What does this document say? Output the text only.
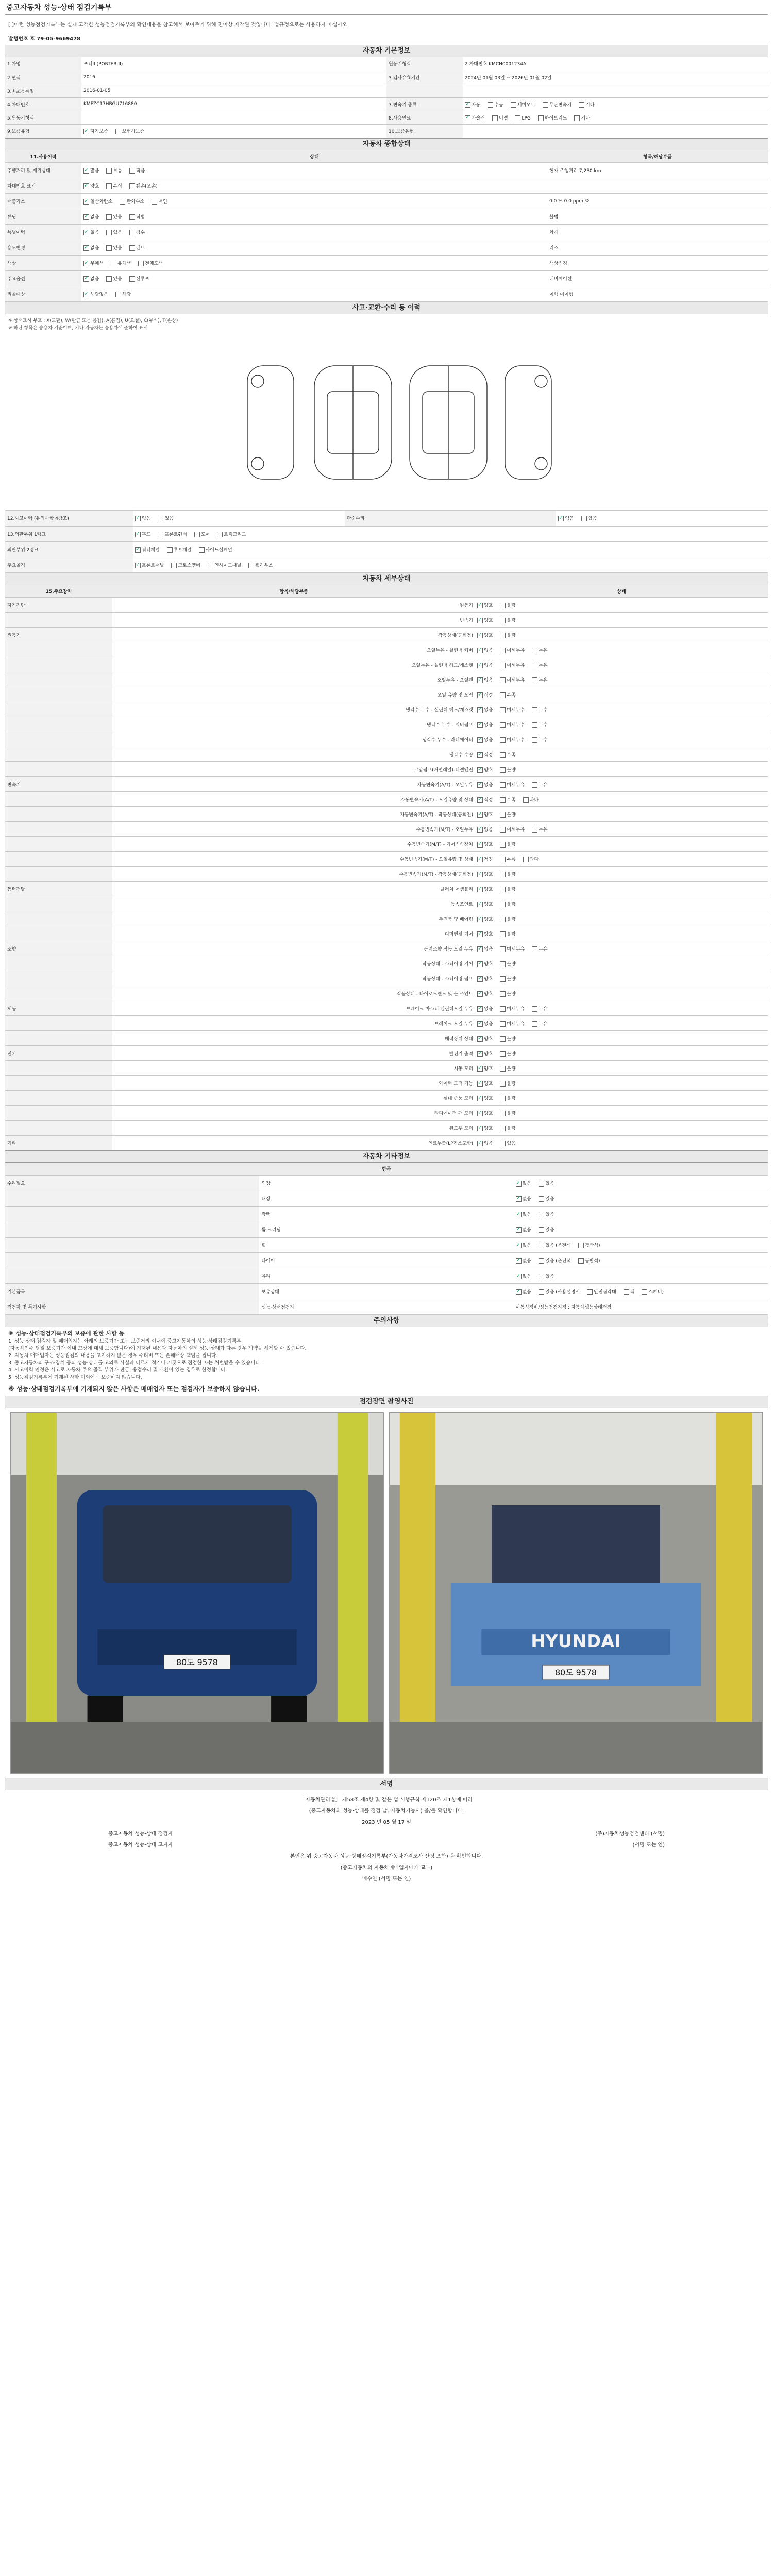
중고자동차 성능·상태 점검기록부
[ ]이런 성능점검기록부는 실제 고객한 성능점검기록부의 확인내용을 참고해서 보여주기 위해 편이상 제작된 것입니다. 법규정으로는 사용하지 마십시오.
발행번호 호 79-05-9669478
자동차 기본정보
1.차명	포터II (PORTER II)	원동기형식	2.차대번호 KMCN0001234A
2.연식	2016	3.검사유효기간	2024년 01월 03일 ~ 2026년 01월 02일
3.최초등록일	2016-01-05		
4.차대번호	KMFZC17HBGU716880	7.변속기 종류	✓자동 수동 세미오토 무단변속기 기타
5.원동기형식		8.사용연료	✓가솔린 디젤 LPG 하이브리드 기타
9.보증유형	✓자가보증 보험사보증	10.보증유형	
자동차 종합상태
11.사용이력	상태	항목/해당부품
주행거리 및 계기상태	✓많음 보통 적음	현재 주행거리 7,230 km
차대번호 표기	✓양호 부식 훼손(오손)	
배출가스	✓일산화탄소 탄화수소 매연	0.0 % 0.0 ppm %
튜닝	✓없음 있음 적법	불법
특별이력	✓없음 있음 침수	화재
용도변경	✓없음 있음 렌트	리스
색상	✓무채색 유채색 전체도색	색상변경
주요옵션	✓없음 있음 선루프	네비게이션
리콜대상	✓해당없음 해당	이행 미이행
사고·교환·수리 등 이력
※ 상태표시 부호 : X(교환), W(판금 또는 용접), A(흠집), U(요철), C(부식), T(손상)
※ 하단 항목은 승용차 기준이며, 기타 자동차는 승용차에 준하여 표시
12.사고이력 (유의사항 4참조)	✓없음 있음	단순수리	✓없음 있음
13.외판부위 1랭크	✓후드 프론트휀더 도어 트렁크리드	
외판부위 2랭크	✓쿼터패널 루프패널 사이드실패널	
주요골격	✓프론트패널 크로스멤버 인사이드패널 휠하우스	
자동차 세부상태
15.주요장치	항목/해당부품	상태
자기진단	원동기	✓양호 불량
	변속기	✓양호 불량
원동기	작동상태(공회전)	✓양호 불량
	오일누유 - 실린더 커버	✓없음 미세누유 누유
	오일누유 - 실린더 헤드/개스켓	✓없음 미세누유 누유
	오일누유 - 오일팬	✓없음 미세누유 누유
	오일 유량 및 오염	✓적정 부족
	냉각수 누수 - 실린더 헤드/개스켓	✓없음 미세누수 누수
	냉각수 누수 - 워터펌프	✓없음 미세누수 누수
	냉각수 누수 - 라디에이터	✓없음 미세누수 누수
	냉각수 수량	✓적정 부족
	고압펌프(커먼레일)-디젤엔진	✓양호 불량
변속기	자동변속기(A/T) - 오일누유	✓없음 미세누유 누유
	자동변속기(A/T) - 오일유량 및 상태	✓적정 부족 과다
	자동변속기(A/T) - 작동상태(공회전)	✓양호 불량
	수동변속기(M/T) - 오일누유	✓없음 미세누유 누유
	수동변속기(M/T) - 기어변속장치	✓양호 불량
	수동변속기(M/T) - 오일유량 및 상태	✓적정 부족 과다
	수동변속기(M/T) - 작동상태(공회전)	✓양호 불량
동력전달	클러치 어셈블리	✓양호 불량
	등속조인트	✓양호 불량
	추진축 및 베어링	✓양호 불량
	디퍼렌셜 기어	✓양호 불량
조향	동력조향 작동 오일 누유	✓없음 미세누유 누유
	작동상태 - 스티어링 기어	✓양호 불량
	작동상태 - 스티어링 펌프	✓양호 불량
	작동상태 - 타이로드엔드 및 볼 조인트	✓양호 불량
제동	브레이크 마스터 실린더오일 누유	✓없음 미세누유 누유
	브레이크 오일 누유	✓없음 미세누유 누유
	배력장치 상태	✓양호 불량
전기	발전기 출력	✓양호 불량
	시동 모터	✓양호 불량
	와이퍼 모터 기능	✓양호 불량
	실내 송풍 모터	✓양호 불량
	라디에이터 팬 모터	✓양호 불량
	윈도우 모터	✓양호 불량
기타	연료누출(LP가스포함)	✓없음 있음
자동차 기타정보
항목		
수리필요	외장	✓없음 있음
	내장	✓없음 있음
	광택	✓없음 있음
	룸 크리닝	✓없음 있음
	휠	✓없음 있음 (운전석 동반석)
	타이어	✓없음 있음 (운전석 동반석)
	유리	✓없음 있음
기본품목	보유상태	✓없음 있음 (사용설명서 안전삼각대 잭 스패너)
점검자 및 특기사항	성능·상태점검자	이동식정비/성능점검지정 : 자동차성능상태점검
주의사항
※ 성능·상태점검기록부의 보증에 관한 사항 등
1. 성능·상태 점검자 및 매매업자는 아래의 보증기간 또는 보증거리 이내에 중고자동차의 성능·상태점검기록부
(자동차인수 당일 보증기간 이내 고장에 대해 보증합니다)에 기재된 내용과 자동차의 실제 성능·상태가 다른 경우 계약을 해제할 수 있습니다.
2. 자동차 매매업자는 성능점검의 내용을 고지하지 않은 경우 수리비 또는 손해배상 책임을 집니다.
3. 중고자동차의 구조·장치 등의 성능·상태를 고의로 사실과 다르게 적거나 거짓으로 점검한 자는 처벌받을 수 있습니다.
4. 사고이력 인정은 사고로 자동차 주요 골격 부위가 판금, 용접수리 및 교환이 있는 경우로 한정합니다.
5. 성능점검기록부에 기재된 사항 이외에는 보증하지 않습니다.
※ 성능·상태점검기록부에 기재되지 않은 사항은 매매업자 또는 점검자가 보증하지 않습니다.
점검장면 촬영사진
80도 9578
HYUNDAI
80도 9578
서명
「자동차관리법」 제58조 제4항 및 같은 법 시행규칙 제120조 제1항에 따라
(중고자동차의 성능·상태를 점검 날, 자동차기능사) 을/를 확인합니다.
2023 년 05 월 17 일
중고자동차 성능·상태 점검자	(주)자동차성능점검센터 (서명)
중고자동차 성능·상태 고지자	(서명 또는 인)
본인은 위 중고자동차 성능·상태점검기록부(자동차가격조사·산정 포함) 을 확인합니다.
(중고자동차의 자동차매매업자에게 교부)
매수인 (서명 또는 인)
